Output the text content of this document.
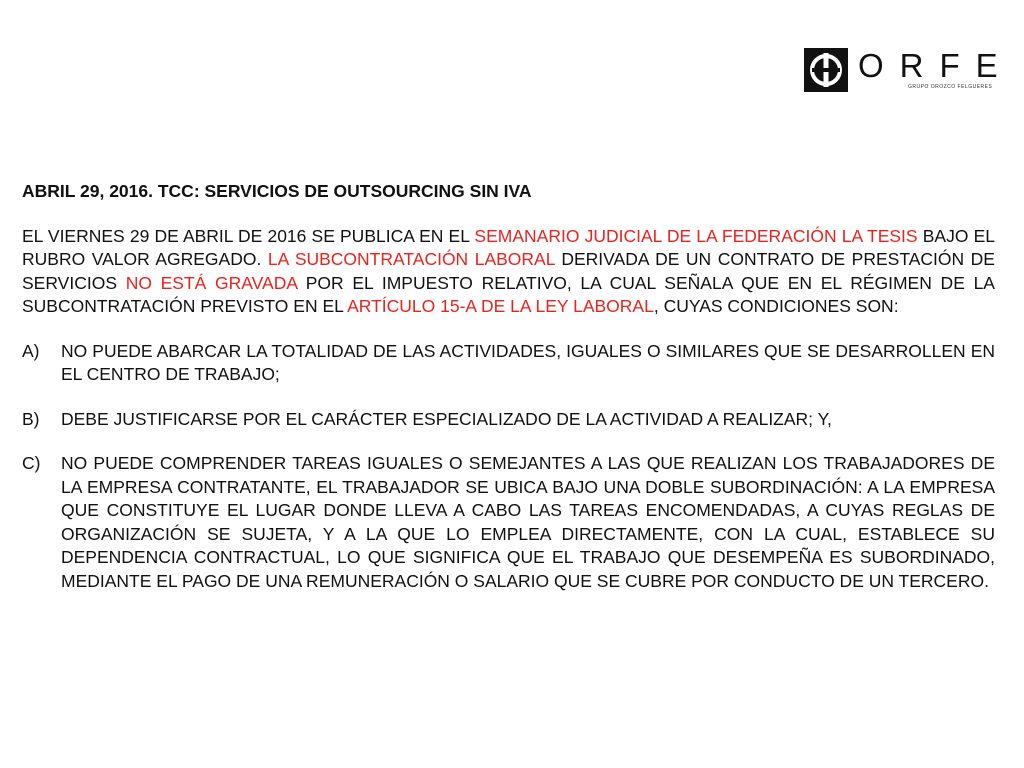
ORFE
GRUPO OROZCO FELGUERES
ABRIL 29, 2016. TCC: SERVICIOS DE OUTSOURCING SIN IVA

EL VIERNES 29 DE ABRIL DE 2016 SE PUBLICA EN EL SEMANARIO JUDICIAL DE LA FEDERACIÓN LA TESIS BAJO EL RUBRO VALOR AGREGADO. LA SUBCONTRATACIÓN LABORAL DERIVADA DE UN CONTRATO DE PRESTACIÓN DE SERVICIOS NO ESTÁ GRAVADA POR EL IMPUESTO RELATIVO, LA CUAL SEÑALA QUE EN EL RÉGIMEN DE LA SUBCONTRATACIÓN PREVISTO EN EL ARTÍCULO 15-A DE LA LEY LABORAL, CUYAS CONDICIONES SON:

A) NO PUEDE ABARCAR LA TOTALIDAD DE LAS ACTIVIDADES, IGUALES O SIMILARES QUE SE DESARROLLEN EN EL CENTRO DE TRABAJO;
B) DEBE JUSTIFICARSE POR EL CARÁCTER ESPECIALIZADO DE LA ACTIVIDAD A REALIZAR; Y,
C) NO PUEDE COMPRENDER TAREAS IGUALES O SEMEJANTES A LAS QUE REALIZAN LOS TRABAJADORES DE LA EMPRESA CONTRATANTE, EL TRABAJADOR SE UBICA BAJO UNA DOBLE SUBORDINACIÓN: A LA EMPRESA QUE CONSTITUYE EL LUGAR DONDE LLEVA A CABO LAS TAREAS ENCOMENDADAS, A CUYAS REGLAS DE ORGANIZACIÓN SE SUJETA, Y A LA QUE LO EMPLEA DIRECTAMENTE, CON LA CUAL, ESTABLECE SU DEPENDENCIA CONTRACTUAL, LO QUE SIGNIFICA QUE EL TRABAJO QUE DESEMPEÑA ES SUBORDINADO, MEDIANTE EL PAGO DE UNA REMUNERACIÓN O SALARIO QUE SE CUBRE POR CONDUCTO DE UN TERCERO.
